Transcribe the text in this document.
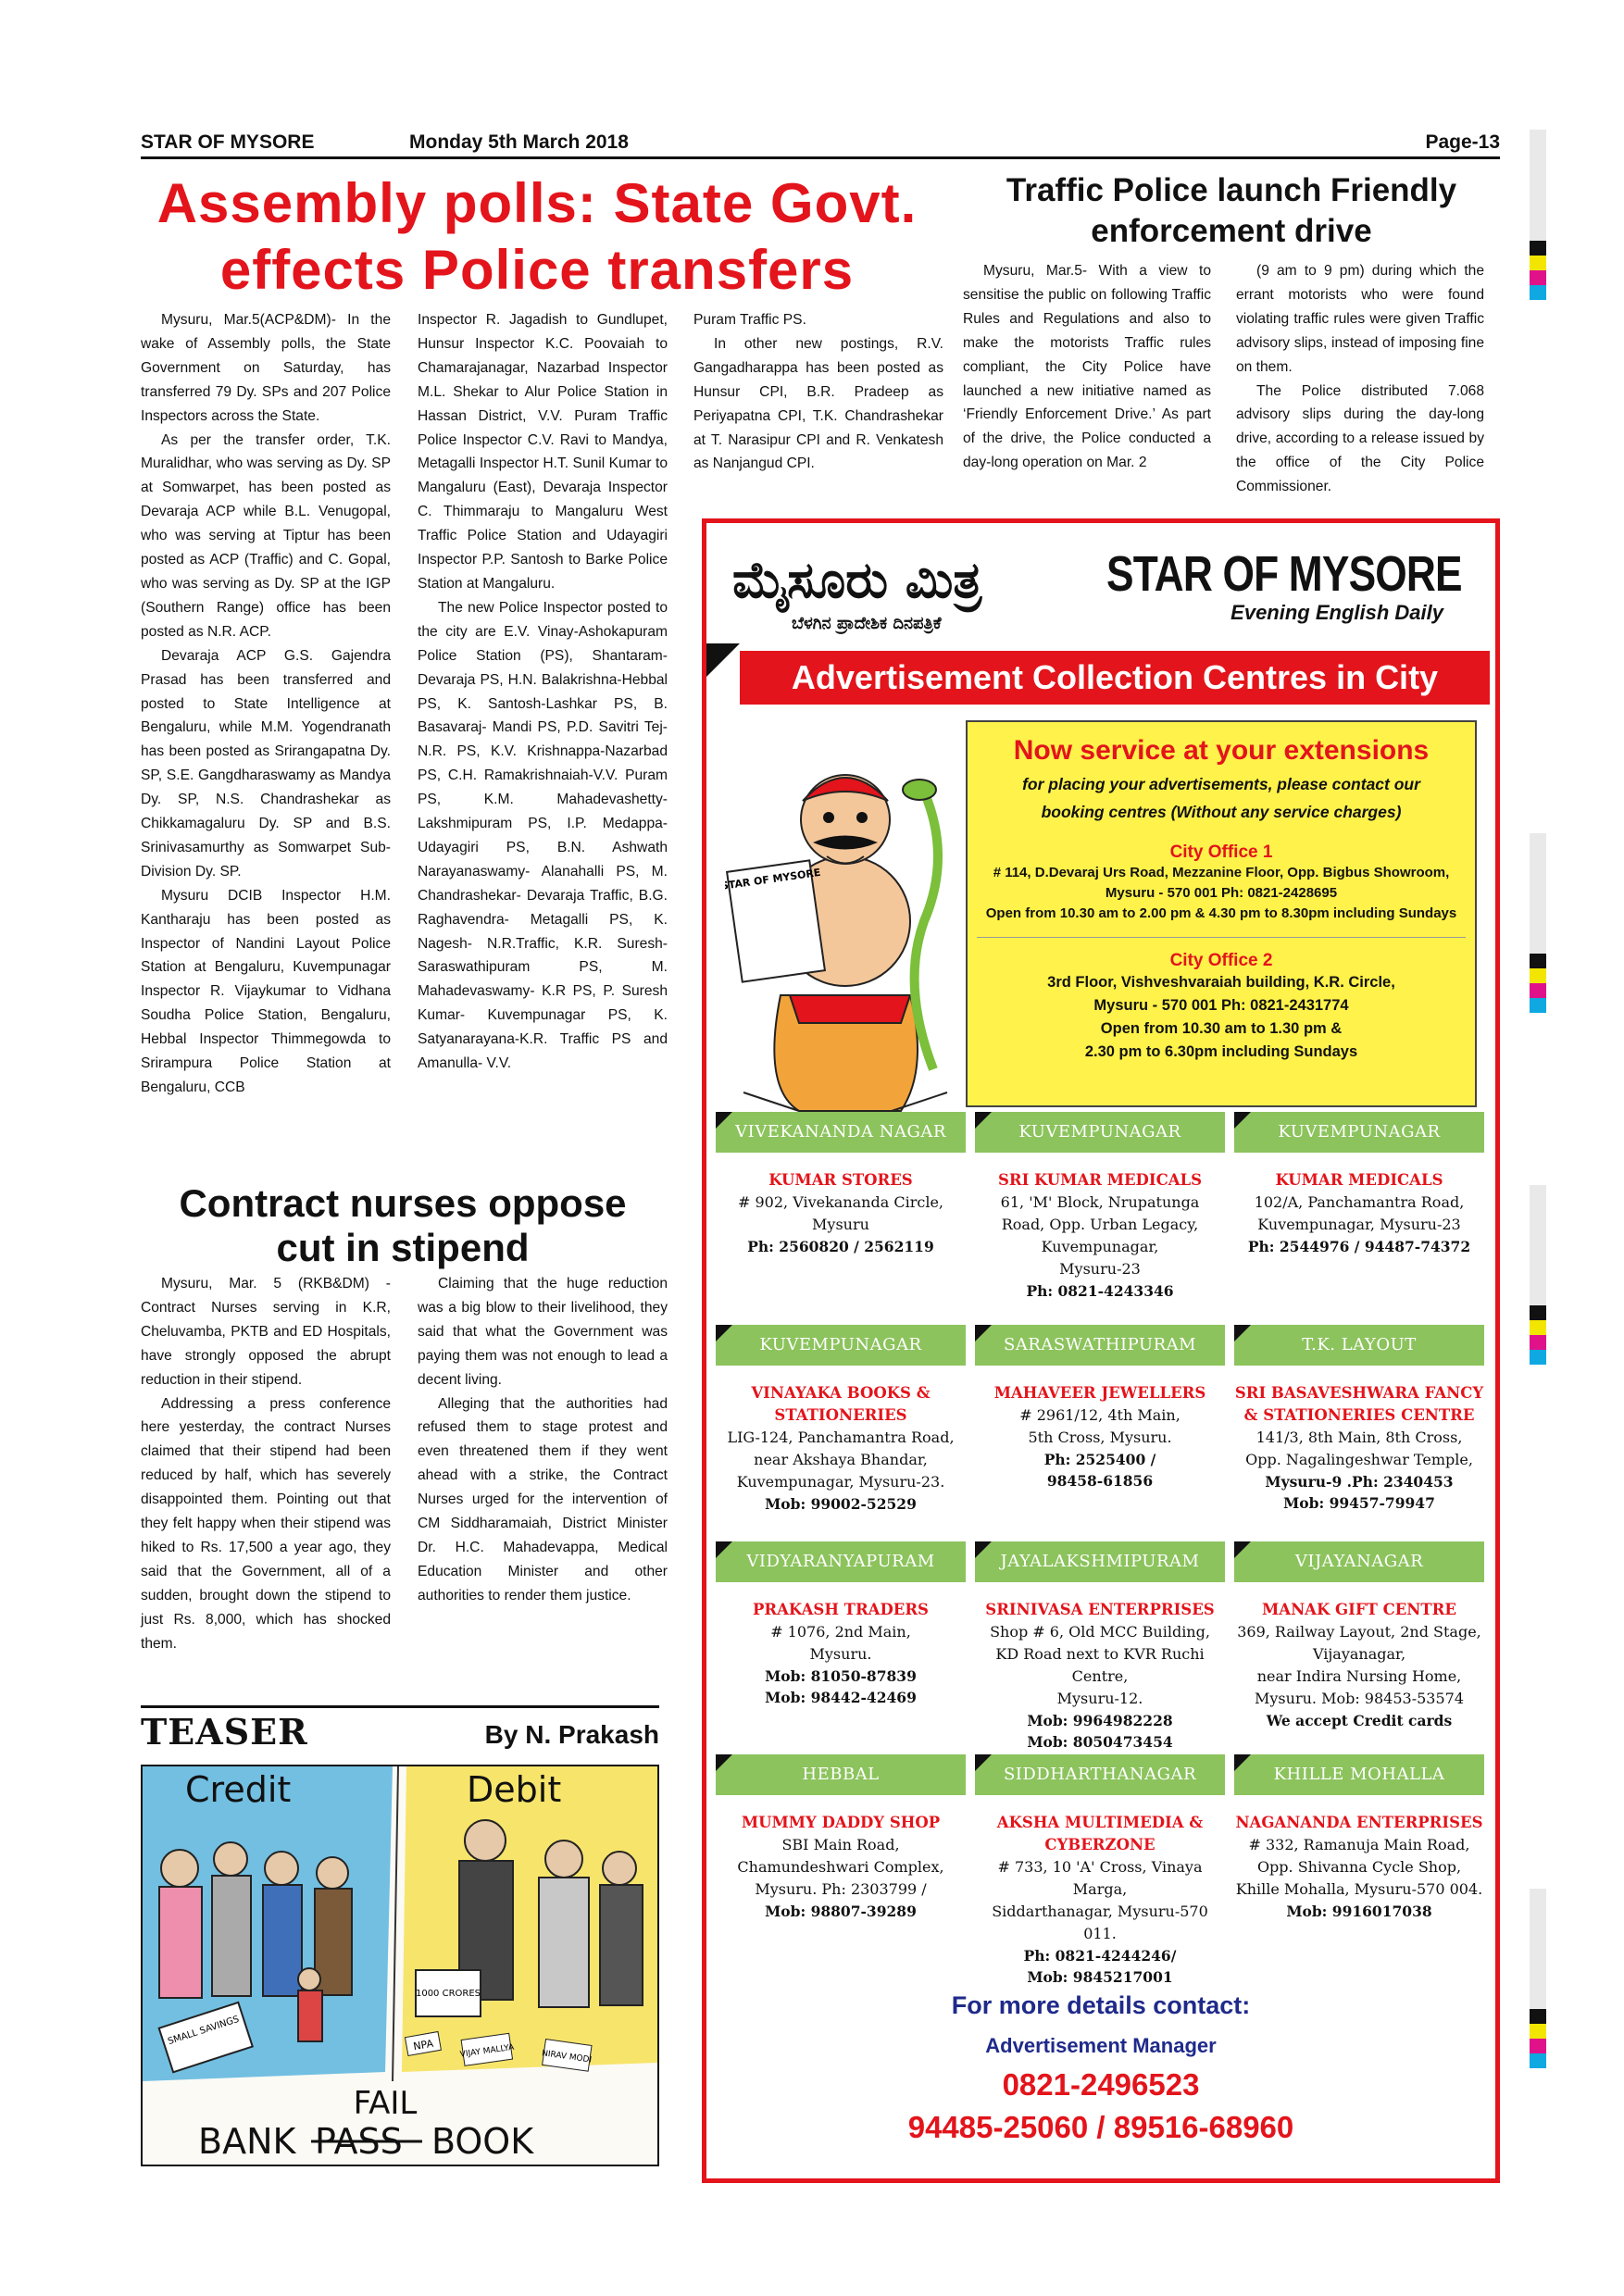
STAR OF MYSORE	Monday 5th March 2018	Page-13
Assembly polls: State Govt.
effects Police transfers

Mysuru, Mar.5(ACP&DM)- In the wake of Assembly polls, the State Government on Saturday, has transferred 79 Dy. SPs and 207 Police Inspectors across the State.

As per the transfer order, T.K. Muralidhar, who was serving as Dy. SP at Somwarpet, has been posted as Devaraja ACP while B.L. Venugopal, who was serving at Tiptur has been posted as ACP (Traffic) and C. Gopal, who was serving as Dy. SP at the IGP (Southern Range) office has been posted as N.R. ACP.

Devaraja ACP G.S. Gajendra Prasad has been transferred and posted to State Intelligence at Bengaluru, while M.M. Yogendranath has been posted as Srirangapatna Dy. SP, S.E. Gangdharaswamy as Mandya Dy. SP, N.S. Chandrashekar as Chikkamagaluru Dy. SP and B.S. Srinivasamurthy as Somwarpet Sub-Division Dy. SP.

Mysuru DCIB Inspector H.M. Kantharaju has been posted as Inspector of Nandini Layout Police Station at Bengaluru, Kuvempunagar Inspector R. Vijaykumar to Vidhana Soudha Police Station, Bengaluru, Hebbal Inspector Thimmegowda to Srirampura Police Station at Bengaluru, CCB

Inspector R. Jagadish to Gundlupet, Hunsur Inspector K.C. Poovaiah to Chamarajanagar, Nazarbad Inspector M.L. Shekar to Alur Police Station in Hassan District, V.V. Puram Traffic Police Inspector C.V. Ravi to Mandya, Metagalli Inspector H.T. Sunil Kumar to Mangaluru (East), Devaraja Inspector C. Thimmaraju to Mangaluru West Traffic Police Station and Udayagiri Inspector P.P. Santosh to Barke Police Station at Mangaluru.

The new Police Inspector posted to the city are E.V. Vinay-Ashokapuram Police Station (PS), Shantaram-Devaraja PS, H.N. Balakrishna-Hebbal PS, K. Santosh-Lashkar PS, B. Basavaraj- Mandi PS, P.D. Savitri Tej- N.R. PS, K.V. Krishnappa-Nazarbad PS, C.H. Ramakrishnaiah-V.V. Puram PS, K.M. Mahadevashetty- Lakshmipuram PS, I.P. Medappa- Udayagiri PS, B.N. Ashwath Narayanaswamy- Alanahalli PS, M. Chandrashekar- Devaraja Traffic, B.G. Raghavendra- Metagalli PS, K. Nagesh- N.R.Traffic, K.R. Suresh- Saraswathipuram PS, M. Mahadevaswamy- K.R PS, P. Suresh Kumar- Kuvempunagar PS, K. Satyanarayana-K.R. Traffic PS and Amanulla- V.V.

Puram Traffic PS.

In other new postings, R.V. Gangadharappa has been posted as Hunsur CPI, B.R. Pradeep as Periyapatna CPI, T.K. Chandrashekar at T. Narasipur CPI and R. Venkatesh as Nanjangud CPI.

Traffic Police launch Friendly
enforcement drive

Mysuru, Mar.5- With a view to sensitise the public on following Traffic Rules and Regulations and also to make the motorists Traffic rules compliant, the City Police have launched a new initiative named as ‘Friendly Enforcement Drive.’ As part of the drive, the Police conducted a day-long operation on Mar. 2

(9 am to 9 pm) during which the errant motorists who were found violating traffic rules were given Traffic advisory slips, instead of imposing fine on them.

The Police distributed 7.068 advisory slips during the day-long drive, according to a release issued by the office of the City Police Commissioner.

Contract nurses oppose
cut in stipend

Mysuru, Mar. 5 (RKB&DM) - Contract Nurses serving in K.R, Cheluvamba, PKTB and ED Hospitals, have strongly opposed the abrupt reduction in their stipend.

Addressing a press conference here yesterday, the contract Nurses claimed that their stipend had been reduced by half, which has severely disappointed them. Pointing out that they felt happy when their stipend was hiked to Rs. 17,500 a year ago, they said that the Government, all of a sudden, brought down the stipend to just Rs. 8,000, which has shocked them.

Claiming that the huge reduction was a big blow to their livelihood, they said that what the Government was paying them was not enough to lead a decent living.

Alleging that the authorities had refused them to stage protest and even threatened them if they went ahead with a strike, the Contract Nurses urged for the intervention of CM Siddharamaiah, District Minister Dr. H.C. Mahadevappa, Medical Education Minister and other authorities to render them justice.

TEASER	By N. Prakash
SMALL SAVINGS
1000 CRORES
NPA	VIJAY MALLYA	NIRAV MODI
Credit	Debit
FAIL
BANK PASS BOOK
ಮೈಸೂರು ಮಿತ್ರ
ಬೆಳಗಿನ ಪ್ರಾದೇಶಿಕ ದಿನಪತ್ರಿಕೆ
STAR OF MYSORE
Evening English Daily
Advertisement Collection Centres in City
STAR OF MYSORE
Now service at your extensions
for placing your advertisements, please contact our
booking centres (Without any service charges)
City Office 1
# 114, D.Devaraj Urs Road, Mezzanine Floor, Opp. Bigbus Showroom,
Mysuru - 570 001 Ph: 0821-2428695
Open from 10.30 am to 2.00 pm & 4.30 pm to 8.30pm including Sundays
City Office 2
3rd Floor, Vishveshvaraiah building, K.R. Circle,
Mysuru - 570 001 Ph: 0821-2431774
Open from 10.30 am to 1.30 pm &
2.30 pm to 6.30pm including Sundays
VIVEKANANDA NAGAR
KUMAR STORES
# 902, Vivekananda Circle,
Mysuru
Ph: 2560820 / 2562119
KUVEMPUNAGAR
SRI KUMAR MEDICALS
61, 'M' Block, Nrupatunga
Road, Opp. Urban Legacy,
Kuvempunagar,
Mysuru-23
Ph: 0821-4243346
KUVEMPUNAGAR
KUMAR MEDICALS
102/A, Panchamantra Road,
Kuvempunagar, Mysuru-23
Ph: 2544976 / 94487-74372
KUVEMPUNAGAR
VINAYAKA BOOKS & STATIONERIES
LIG-124, Panchamantra Road,
near Akshaya Bhandar,
Kuvempunagar, Mysuru-23.
Mob: 99002-52529
SARASWATHIPURAM
MAHAVEER JEWELLERS
# 2961/12, 4th Main,
5th Cross, Mysuru.
Ph: 2525400 /
98458-61856
T.K. LAYOUT
SRI BASAVESHWARA FANCY & STATIONERIES CENTRE
141/3, 8th Main, 8th Cross,
Opp. Nagalingeshwar Temple,
Mysuru-9 .Ph: 2340453
Mob: 99457-79947
VIDYARANYAPURAM
PRAKASH TRADERS
# 1076, 2nd Main,
Mysuru.
Mob: 81050-87839
Mob: 98442-42469
JAYALAKSHMIPURAM
SRINIVASA ENTERPRISES
Shop # 6, Old MCC Building,
KD Road next to KVR Ruchi Centre,
Mysuru-12.
Mob: 9964982228
Mob: 8050473454
VIJAYANAGAR
MANAK GIFT CENTRE
369, Railway Layout, 2nd Stage,
Vijayanagar,
near Indira Nursing Home,
Mysuru. Mob: 98453-53574
We accept Credit cards
HEBBAL
MUMMY DADDY SHOP
SBI Main Road,
Chamundeshwari Complex,
Mysuru. Ph: 2303799 /
Mob: 98807-39289
SIDDHARTHANAGAR
AKSHA MULTIMEDIA & CYBERZONE
# 733, 10 'A' Cross, Vinaya Marga,
Siddarthanagar, Mysuru-570 011.
Ph: 0821-4244246/
Mob: 9845217001
KHILLE MOHALLA
NAGANANDA ENTERPRISES
# 332, Ramanuja Main Road,
Opp. Shivanna Cycle Shop,
Khille Mohalla, Mysuru-570 004.
Mob: 9916017038
For more details contact:
Advertisement Manager
0821-2496523
94485-25060 / 89516-68960
